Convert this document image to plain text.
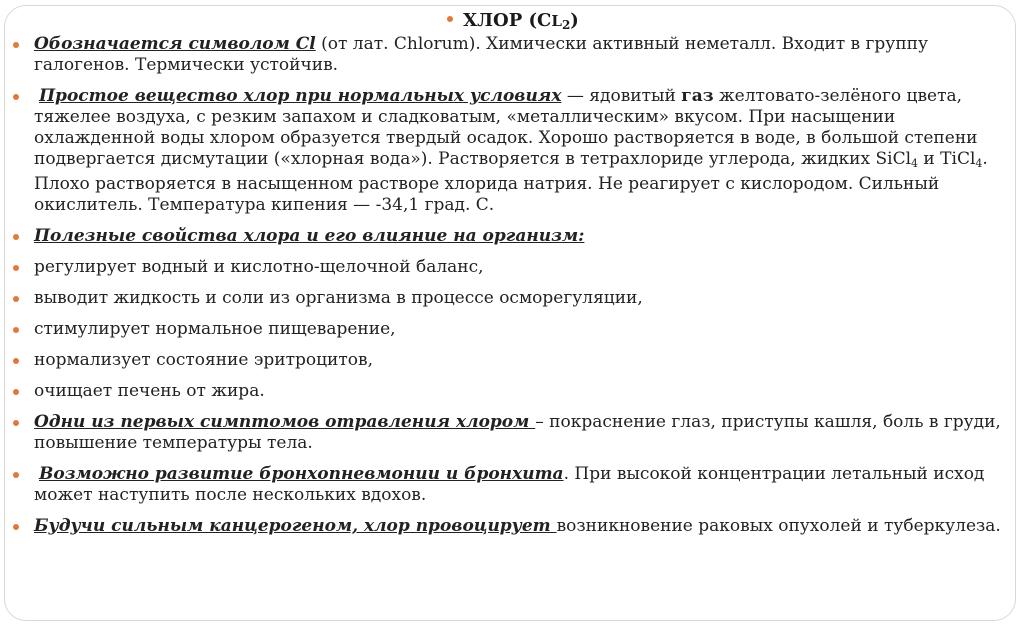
ХЛОР $(CL_2)$
Обозначается символом Cl (от лат. Chlorum). Химически активный неметалл. Входит в группу галогенов. Термически устойчив.
Простое вещество хлор при нормальных условиях — ядовитый газ желтовато-зелёного цвета, тяжелее воздуха, с резким запахом и сладковатым, «металлическим» вкусом. При насыщении охлажденной воды хлором образуется твердый осадок. Хорошо растворяется в воде, в большой степени подвергается дисмутации («хлорная вода»). Растворяется в тетрахлориде углерода, жидких SiCl$_4$ и TiCl$_4$. Плохо растворяется в насыщенном растворе хлорида натрия. Не реагирует с кислородом. Сильный окислитель. Температура кипения — -34,1 град. С.
Полезные свойства хлора и его влияние на организм:
регулирует водный и кислотно-щелочной баланс,
выводит жидкость и соли из организма в процессе осморегуляции,
стимулирует нормальное пищеварение,
нормализует состояние эритроцитов,
очищает печень от жира.
Одни из первых симптомов отравления хлором – покраснение глаз, приступы кашля, боль в груди, повышение температуры тела.
Возможно развитие бронхопневмонии и бронхита. При высокой концентрации летальный исход может наступить после нескольких вдохов.
Будучи сильным канцерогеном, хлор провоцирует возникновение раковых опухолей и туберкулеза.
